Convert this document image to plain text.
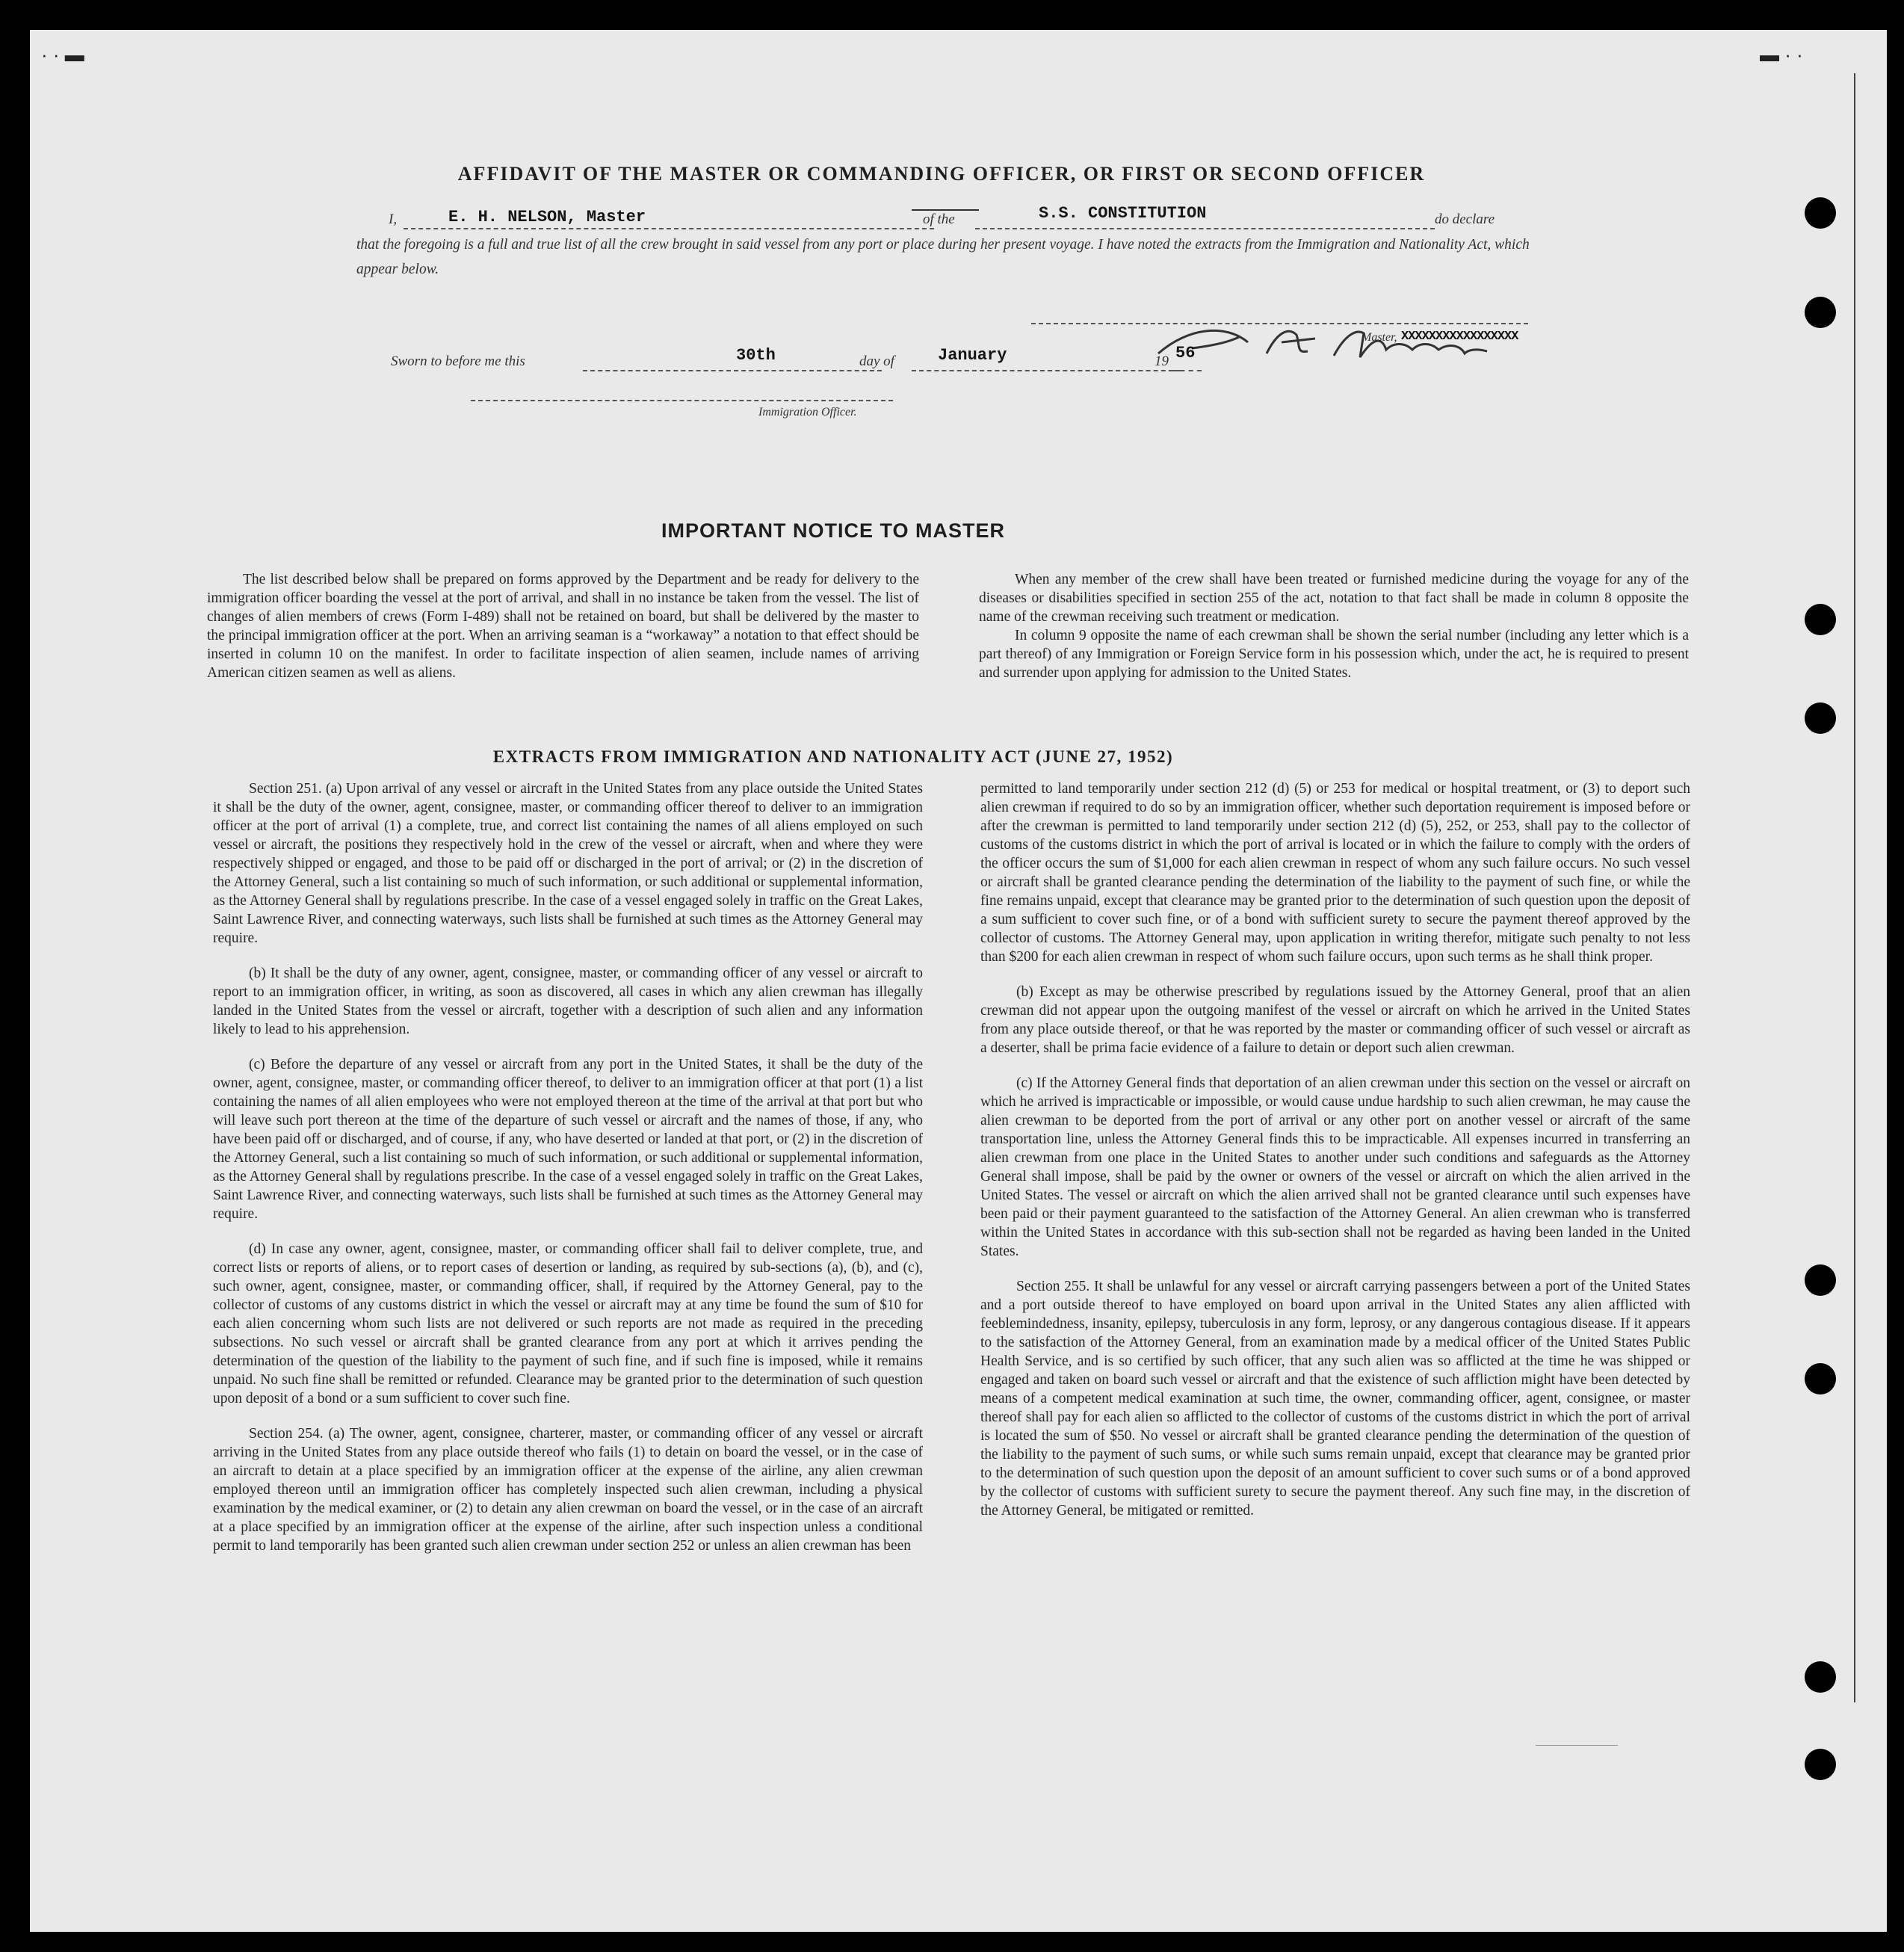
· · ▬	▬ · ·
AFFIDAVIT OF THE MASTER OR COMMANDING OFFICER, OR FIRST OR SECOND OFFICER
I,	E. H. NELSON, Master	of the	S.S. CONSTITUTION	do declare
that the foregoing is a full and true list of all the crew brought in said vessel from any port or place during her present voyage. I have noted the extracts from the Immigration and Nationality Act, which appear below.
Master, XXXXXXXXXXXXXXXXX
Sworn to before me this	30th	day of	January	19 56
Immigration Officer.
IMPORTANT NOTICE TO MASTER

The list described below shall be prepared on forms approved by the Department and be ready for delivery to the immigration officer boarding the vessel at the port of arrival, and shall in no instance be taken from the vessel. The list of changes of alien members of crews (Form I-489) shall not be retained on board, but shall be delivered by the master to the principal immigration officer at the port. When an arriving seaman is a “workaway” a notation to that effect should be inserted in column 10 on the manifest. In order to facilitate inspection of alien seamen, include names of arriving American citizen seamen as well as aliens.

When any member of the crew shall have been treated or furnished medicine during the voyage for any of the diseases or disabilities specified in section 255 of the act, notation to that fact shall be made in column 8 opposite the name of the crewman receiving such treatment or medication.

In column 9 opposite the name of each crewman shall be shown the serial number (including any letter which is a part thereof) of any Immigration or Foreign Service form in his possession which, under the act, he is required to present and surrender upon applying for admission to the United States.

EXTRACTS FROM IMMIGRATION AND NATIONALITY ACT (JUNE 27, 1952)

Section 251. (a) Upon arrival of any vessel or aircraft in the United States from any place outside the United States it shall be the duty of the owner, agent, consignee, master, or commanding officer thereof to deliver to an immigration officer at the port of arrival (1) a complete, true, and correct list containing the names of all aliens employed on such vessel or aircraft, the positions they respectively hold in the crew of the vessel or aircraft, when and where they were respectively shipped or engaged, and those to be paid off or discharged in the port of arrival; or (2) in the discretion of the Attorney General, such a list containing so much of such information, or such additional or supplemental information, as the Attorney General shall by regulations prescribe. In the case of a vessel engaged solely in traffic on the Great Lakes, Saint Lawrence River, and connecting waterways, such lists shall be furnished at such times as the Attorney General may require.

(b) It shall be the duty of any owner, agent, consignee, master, or commanding officer of any vessel or aircraft to report to an immigration officer, in writing, as soon as discovered, all cases in which any alien crewman has illegally landed in the United States from the vessel or aircraft, together with a description of such alien and any information likely to lead to his apprehension.

(c) Before the departure of any vessel or aircraft from any port in the United States, it shall be the duty of the owner, agent, consignee, master, or commanding officer thereof, to deliver to an immigration officer at that port (1) a list containing the names of all alien employees who were not employed thereon at the time of the arrival at that port but who will leave such port thereon at the time of the departure of such vessel or aircraft and the names of those, if any, who have been paid off or discharged, and of course, if any, who have deserted or landed at that port, or (2) in the discretion of the Attorney General, such a list containing so much of such information, or such additional or supplemental information, as the Attorney General shall by regulations prescribe. In the case of a vessel engaged solely in traffic on the Great Lakes, Saint Lawrence River, and connecting waterways, such lists shall be furnished at such times as the Attorney General may require.

(d) In case any owner, agent, consignee, master, or commanding officer shall fail to deliver complete, true, and correct lists or reports of aliens, or to report cases of desertion or landing, as required by sub-sections (a), (b), and (c), such owner, agent, consignee, master, or commanding officer, shall, if required by the Attorney General, pay to the collector of customs of any customs district in which the vessel or aircraft may at any time be found the sum of $10 for each alien concerning whom such lists are not delivered or such reports are not made as required in the preceding subsections. No such vessel or aircraft shall be granted clearance from any port at which it arrives pending the determination of the question of the liability to the payment of such fine, and if such fine is imposed, while it remains unpaid. No such fine shall be remitted or refunded. Clearance may be granted prior to the determination of such question upon deposit of a bond or a sum sufficient to cover such fine.

Section 254. (a) The owner, agent, consignee, charterer, master, or commanding officer of any vessel or aircraft arriving in the United States from any place outside thereof who fails (1) to detain on board the vessel, or in the case of an aircraft to detain at a place specified by an immigration officer at the expense of the airline, any alien crewman employed thereon until an immigration officer has completely inspected such alien crewman, including a physical examination by the medical examiner, or (2) to detain any alien crewman on board the vessel, or in the case of an aircraft at a place specified by an immigration officer at the expense of the airline, after such inspection unless a conditional permit to land temporarily has been granted such alien crewman under section 252 or unless an alien crewman has been

permitted to land temporarily under section 212 (d) (5) or 253 for medical or hospital treatment, or (3) to deport such alien crewman if required to do so by an immigration officer, whether such deportation requirement is imposed before or after the crewman is permitted to land temporarily under section 212 (d) (5), 252, or 253, shall pay to the collector of customs of the customs district in which the port of arrival is located or in which the failure to comply with the orders of the officer occurs the sum of $1,000 for each alien crewman in respect of whom any such failure occurs. No such vessel or aircraft shall be granted clearance pending the determination of the liability to the payment of such fine, or while the fine remains unpaid, except that clearance may be granted prior to the determination of such question upon the deposit of a sum sufficient to cover such fine, or of a bond with sufficient surety to secure the payment thereof approved by the collector of customs. The Attorney General may, upon application in writing therefor, mitigate such penalty to not less than $200 for each alien crewman in respect of whom such failure occurs, upon such terms as he shall think proper.

(b) Except as may be otherwise prescribed by regulations issued by the Attorney General, proof that an alien crewman did not appear upon the outgoing manifest of the vessel or aircraft on which he arrived in the United States from any place outside thereof, or that he was reported by the master or commanding officer of such vessel or aircraft as a deserter, shall be prima facie evidence of a failure to detain or deport such alien crewman.

(c) If the Attorney General finds that deportation of an alien crewman under this section on the vessel or aircraft on which he arrived is impracticable or impossible, or would cause undue hardship to such alien crewman, he may cause the alien crewman to be deported from the port of arrival or any other port on another vessel or aircraft of the same transportation line, unless the Attorney General finds this to be impracticable. All expenses incurred in transferring an alien crewman from one place in the United States to another under such conditions and safeguards as the Attorney General shall impose, shall be paid by the owner or owners of the vessel or aircraft on which the alien arrived in the United States. The vessel or aircraft on which the alien arrived shall not be granted clearance until such expenses have been paid or their payment guaranteed to the satisfaction of the Attorney General. An alien crewman who is transferred within the United States in accordance with this sub-section shall not be regarded as having been landed in the United States.

Section 255. It shall be unlawful for any vessel or aircraft carrying passengers between a port of the United States and a port outside thereof to have employed on board upon arrival in the United States any alien afflicted with feeblemindedness, insanity, epilepsy, tuberculosis in any form, leprosy, or any dangerous contagious disease. If it appears to the satisfaction of the Attorney General, from an examination made by a medical officer of the United States Public Health Service, and is so certified by such officer, that any such alien was so afflicted at the time he was shipped or engaged and taken on board such vessel or aircraft and that the existence of such affliction might have been detected by means of a competent medical examination at such time, the owner, commanding officer, agent, consignee, or master thereof shall pay for each alien so afflicted to the collector of customs of the customs district in which the port of arrival is located the sum of $50. No vessel or aircraft shall be granted clearance pending the determination of the question of the liability to the payment of such sums, or while such sums remain unpaid, except that clearance may be granted prior to the determination of such question upon the deposit of an amount sufficient to cover such sums or of a bond approved by the collector of customs with sufficient surety to secure the payment thereof. Any such fine may, in the discretion of the Attorney General, be mitigated or remitted.
